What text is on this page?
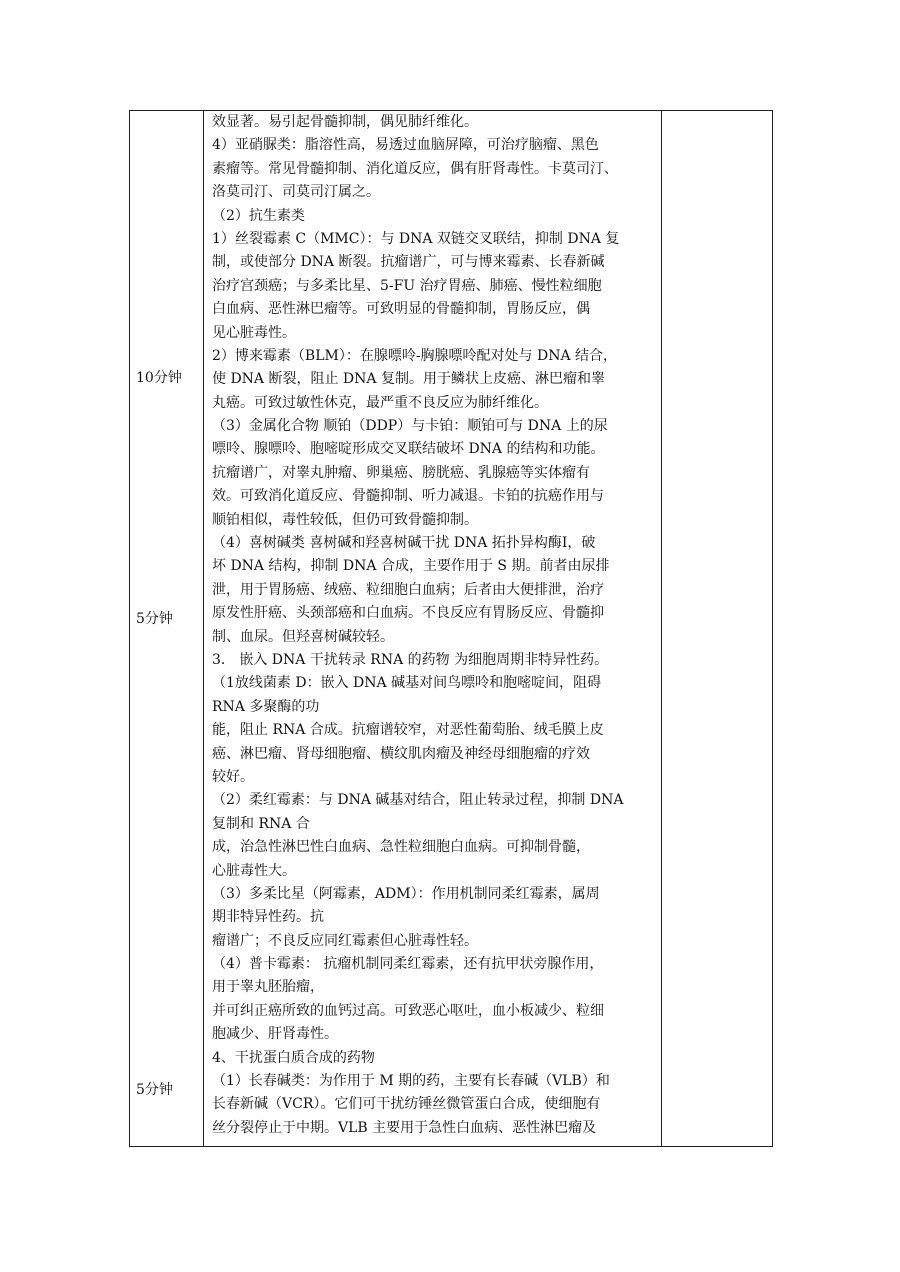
10分钟
5分钟
5分钟
效显著。易引起骨髓抑制，偶见肺纤维化。
4）亚硝脲类：脂溶性高，易透过血脑屏障，可治疗脑瘤、黑色
素瘤等。常见骨髓抑制、消化道反应，偶有肝肾毒性。卡莫司汀、
洛莫司汀、司莫司汀属之。
（2）抗生素类
1）丝裂霉素 C（MMC）：与 DNA 双链交叉联结，抑制 DNA 复
制，或使部分 DNA 断裂。抗瘤谱广，可与博来霉素、长春新碱
治疗宫颈癌；与多柔比星、5-FU 治疗胃癌、肺癌、慢性粒细胞
白血病、恶性淋巴瘤等。可致明显的骨髓抑制，胃肠反应，偶
见心脏毒性。
2）博来霉素（BLM）：在腺嘌呤-胸腺嘌呤配对处与 DNA 结合，
使 DNA 断裂，阻止 DNA 复制。用于鳞状上皮癌、淋巴瘤和睾
丸癌。可致过敏性休克，最严重不良反应为肺纤维化。
（3）金属化合物 顺铂（DDP）与卡铂：顺铂可与 DNA 上的尿
嘌呤、腺嘌呤、胞嘧啶形成交叉联结破坏 DNA 的结构和功能。
抗瘤谱广，对睾丸肿瘤、卵巢癌、膀胱癌、乳腺癌等实体瘤有
效。可致消化道反应、骨髓抑制、听力减退。卡铂的抗癌作用与
顺铂相似，毒性较低，但仍可致骨髓抑制。
（4）喜树碱类 喜树碱和羟喜树碱干扰 DNA 拓扑异构酶Ⅰ，破
坏 DNA 结构，抑制 DNA 合成，主要作用于 S 期。前者由尿排
泄，用于胃肠癌、绒癌、粒细胞白血病；后者由大便排泄，治疗
原发性肝癌、头颈部癌和白血病。不良反应有胃肠反应、骨髓抑
制、血尿。但羟喜树碱较轻。
3． 嵌入 DNA 干扰转录 RNA 的药物 为细胞周期非特异性药。
（1放线菌素 D：嵌入 DNA 碱基对间鸟嘌呤和胞嘧啶间，阻碍
RNA 多聚酶的功
能，阻止 RNA 合成。抗瘤谱较窄，对恶性葡萄胎、绒毛膜上皮
癌、淋巴瘤、肾母细胞瘤、横纹肌肉瘤及神经母细胞瘤的疗效
较好。
（2）柔红霉素：与 DNA 碱基对结合，阻止转录过程，抑制 DNA
复制和 RNA 合
成，治急性淋巴性白血病、急性粒细胞白血病。可抑制骨髓，
心脏毒性大。
（3）多柔比星（阿霉素，ADM）：作用机制同柔红霉素，属周
期非特异性药。抗
瘤谱广；不良反应同红霉素但心脏毒性轻。
（4）普卡霉素： 抗瘤机制同柔红霉素，还有抗甲状旁腺作用，
用于睾丸胚胎瘤，
并可纠正癌所致的血钙过高。可致恶心呕吐，血小板减少、粒细
胞减少、肝肾毒性。
4、干扰蛋白质合成的药物
（1）长春碱类：为作用于 M 期的药，主要有长春碱（VLB）和
长春新碱（VCR）。它们可干扰纺锤丝微管蛋白合成，使细胞有
丝分裂停止于中期。VLB 主要用于急性白血病、恶性淋巴瘤及
